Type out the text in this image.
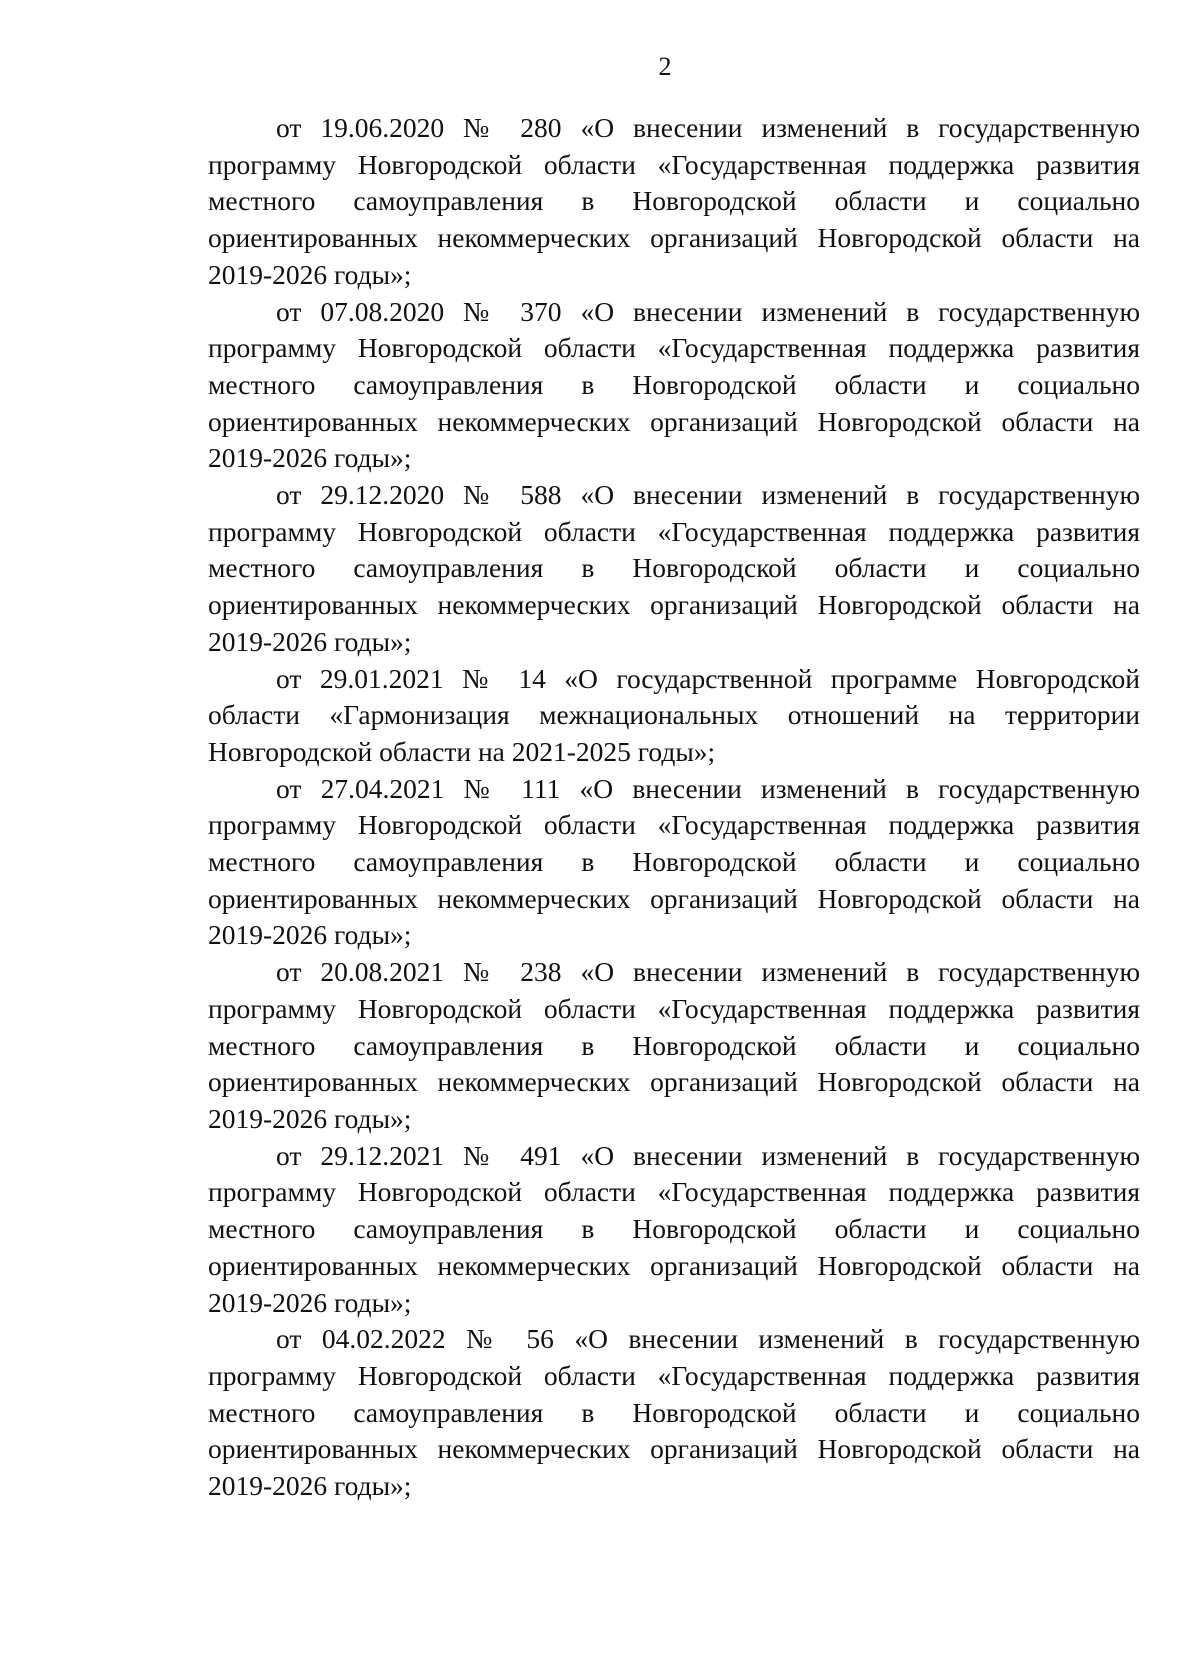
2

от 19.06.2020 № 280 «О внесении изменений в государственную программу Новгородской области «Государственная поддержка развития местного самоуправления в Новгородской области и социально ориентированных некоммерческих организаций Новгородской области на 2019-2026 годы»;

от 07.08.2020 № 370 «О внесении изменений в государственную программу Новгородской области «Государственная поддержка развития местного самоуправления в Новгородской области и социально ориентированных некоммерческих организаций Новгородской области на 2019-2026 годы»;

от 29.12.2020 № 588 «О внесении изменений в государственную программу Новгородской области «Государственная поддержка развития местного самоуправления в Новгородской области и социально ориентированных некоммерческих организаций Новгородской области на 2019-2026 годы»;

от 29.01.2021 № 14 «О государственной программе Новгородской области «Гармонизация межнациональных отношений на территории Новгородской области на 2021-2025 годы»;

от 27.04.2021 № 111 «О внесении изменений в государственную программу Новгородской области «Государственная поддержка развития местного самоуправления в Новгородской области и социально ориентированных некоммерческих организаций Новгородской области на 2019-2026 годы»;

от 20.08.2021 № 238 «О внесении изменений в государственную программу Новгородской области «Государственная поддержка развития местного самоуправления в Новгородской области и социально ориентированных некоммерческих организаций Новгородской области на 2019-2026 годы»;

от 29.12.2021 № 491 «О внесении изменений в государственную программу Новгородской области «Государственная поддержка развития местного самоуправления в Новгородской области и социально ориентированных некоммерческих организаций Новгородской области на 2019-2026 годы»;

от 04.02.2022 № 56 «О внесении изменений в государственную программу Новгородской области «Государственная поддержка развития местного самоуправления в Новгородской области и социально ориентированных некоммерческих организаций Новгородской области на 2019-2026 годы»;
